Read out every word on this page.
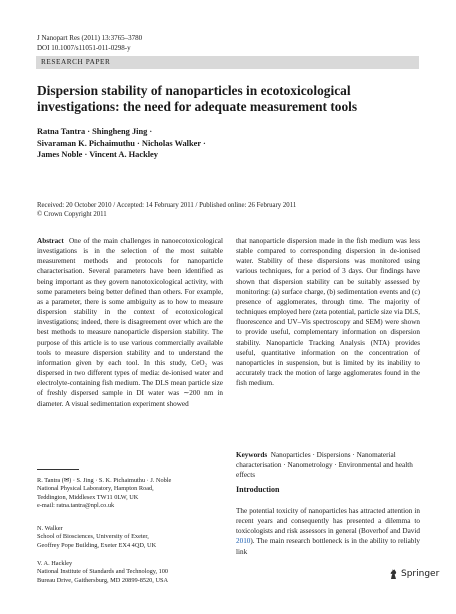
J Nanopart Res (2011) 13:3765–3780
DOI 10.1007/s11051-011-0298-y
RESEARCH PAPER
Dispersion stability of nanoparticles in ecotoxicological investigations: the need for adequate measurement tools
Ratna Tantra · Shingheng Jing ·
Sivaraman K. Pichaimuthu · Nicholas Walker ·
James Noble · Vincent A. Hackley
Received: 20 October 2010 / Accepted: 14 February 2011 / Published online: 26 February 2011
© Crown Copyright 2011
Abstract One of the main challenges in nanoecotoxicological investigations is in the selection of the most suitable measurement methods and protocols for nanoparticle characterisation. Several parameters have been identified as being important as they govern nanotoxicological activity, with some parameters being better defined than others. For example, as a parameter, there is some ambiguity as to how to measure dispersion stability in the context of ecotoxicological investigations; indeed, there is disagreement over which are the best methods to measure nanoparticle dispersion stability. The purpose of this article is to use various commercially available tools to measure dispersion stability and to understand the information given by each tool. In this study, CeO₂ was dispersed in two different types of media: de-ionised water and electrolyte-containing fish medium. The DLS mean particle size of freshly dispersed sample in DI water was ∼200 nm in diameter. A visual sedimentation experiment showed
that nanoparticle dispersion made in the fish medium was less stable compared to corresponding dispersion in de-ionised water. Stability of these dispersions was monitored using various techniques, for a period of 3 days. Our findings have shown that dispersion stability can be suitably assessed by monitoring: (a) surface charge, (b) sedimentation events and (c) presence of agglomerates, through time. The majority of techniques employed here (zeta potential, particle size via DLS, fluorescence and UV–Vis spectroscopy and SEM) were shown to provide useful, complementary information on dispersion stability. Nanoparticle Tracking Analysis (NTA) provides useful, quantitative information on the concentration of nanoparticles in suspension, but is limited by its inability to accurately track the motion of large agglomerates found in the fish medium.
Keywords Nanoparticles · Dispersions · Nanomaterial characterisation · Nanometrology · Environmental and health effects
R. Tantra (✉) · S. Jing · S. K. Pichaimuthu · J. Noble
National Physical Laboratory, Hampton Road,
Teddington, Middlesex TW11 0LW, UK
e-mail: ratna.tantra@npl.co.uk
N. Walker
School of Biosciences, University of Exeter,
Geoffrey Pope Building, Exeter EX4 4QD, UK
V. A. Hackley
National Institute of Standards and Technology, 100
Bureau Drive, Gaithersburg, MD 20899-8520, USA
Introduction
The potential toxicity of nanoparticles has attracted attention in recent years and consequently has presented a dilemma to toxicologists and risk assessors in general (Boverhof and David 2010). The main research bottleneck is in the ability to reliably link
Springer
